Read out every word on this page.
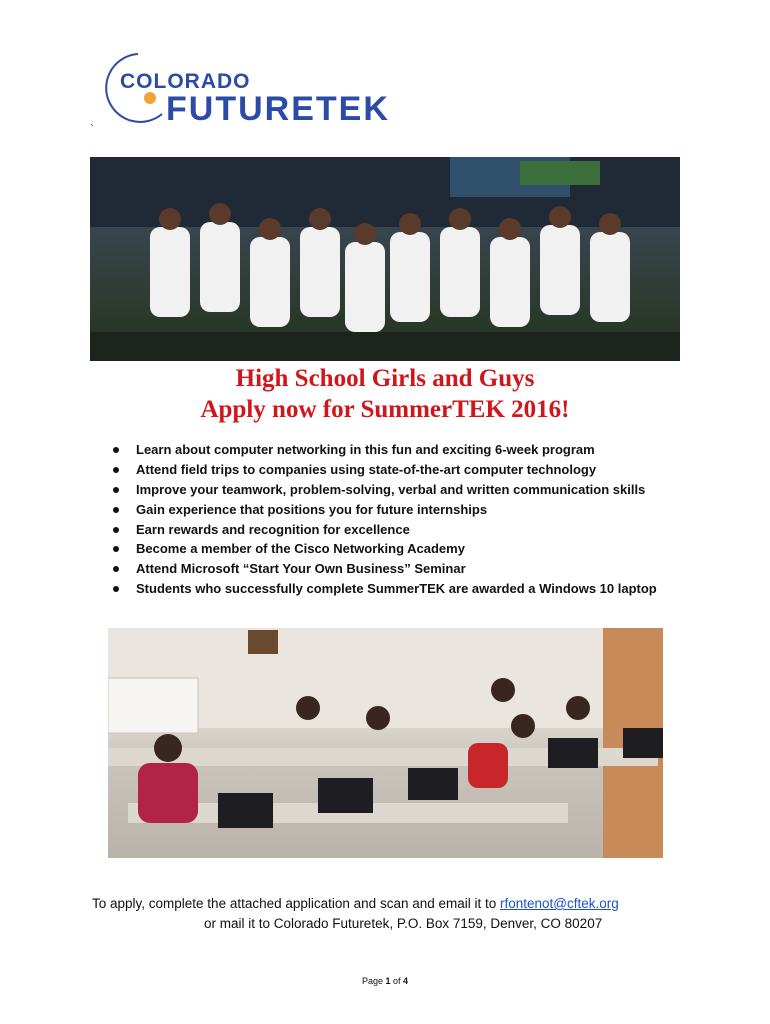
COLORADO
FUTURETEK
`
High School Girls and Guys
Apply now for SummerTEK 2016!
Learn about computer networking in this fun and exciting 6-week program
Attend field trips to companies using state-of-the-art computer technology
Improve your teamwork, problem-solving, verbal and written communication skills
Gain experience that positions you for future internships
Earn rewards and recognition for excellence
Become a member of the Cisco Networking Academy
Attend Microsoft “Start Your Own Business” Seminar
Students who successfully complete SummerTEK are awarded a Windows 10 laptop
To apply, complete the attached application and scan and email it to rfontenot@cftek.org
or mail it to Colorado Futuretek, P.O. Box 7159, Denver, CO 80207
Page 1 of 4
